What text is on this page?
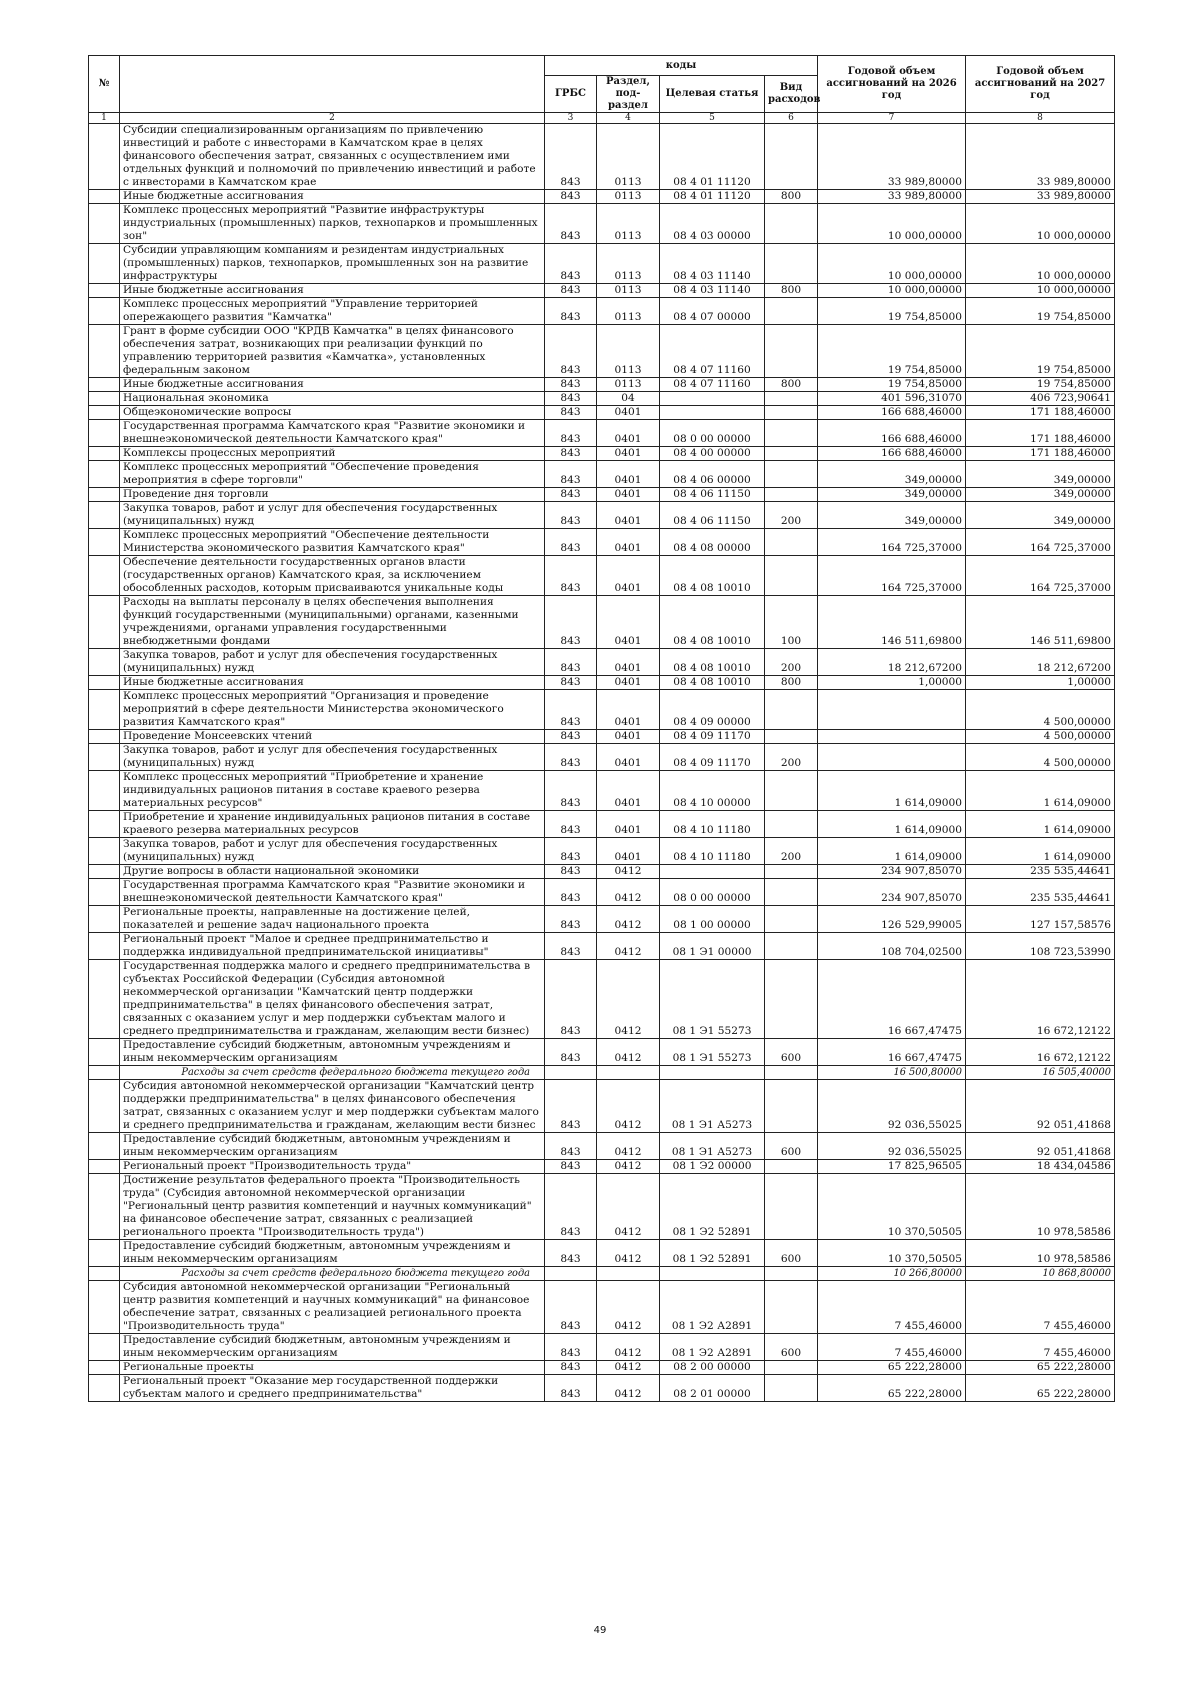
№		коды				Годовой объем ассигнований на 2026 год	Годовой объем ассигнований на 2027 год
		ГРБС	Раздел, под-раздел	Целевая статья	Вид расходов		
1	2	3	4	5	6	7	8
	Субсидии специализированным организациям по привлечению инвестиций и работе с инвесторами в Камчатском крае в целях финансового обеспечения затрат, связанных с осуществлением ими отдельных функций и полномочий по привлечению инвестиций и работе с инвесторами в Камчатском крае	843	0113	08 4 01 11120		33 989,80000	33 989,80000
	Иные бюджетные ассигнования	843	0113	08 4 01 11120	800	33 989,80000	33 989,80000
	Комплекс процессных мероприятий "Развитие инфраструктуры индустриальных (промышленных) парков, технопарков и промышленных зон"	843	0113	08 4 03 00000		10 000,00000	10 000,00000
	Субсидии управляющим компаниям и резидентам индустриальных (промышленных) парков, технопарков, промышленных зон на развитие инфраструктуры	843	0113	08 4 03 11140		10 000,00000	10 000,00000
	Иные бюджетные ассигнования	843	0113	08 4 03 11140	800	10 000,00000	10 000,00000
	Комплекс процессных мероприятий "Управление территорией опережающего развития "Камчатка"	843	0113	08 4 07 00000		19 754,85000	19 754,85000
	Грант в форме субсидии ООО "КРДВ Камчатка" в целях финансового обеспечения затрат, возникающих при реализации функций по управлению территорией развития «Камчатка», установленных федеральным законом	843	0113	08 4 07 11160		19 754,85000	19 754,85000
	Иные бюджетные ассигнования	843	0113	08 4 07 11160	800	19 754,85000	19 754,85000
	Национальная экономика	843	04			401 596,31070	406 723,90641
	Общеэкономические вопросы	843	0401			166 688,46000	171 188,46000
	Государственная программа Камчатского края "Развитие экономики и внешнеэкономической деятельности Камчатского края"	843	0401	08 0 00 00000		166 688,46000	171 188,46000
	Комплексы процессных мероприятий	843	0401	08 4 00 00000		166 688,46000	171 188,46000
	Комплекс процессных мероприятий "Обеспечение проведения мероприятия в сфере торговли"	843	0401	08 4 06 00000		349,00000	349,00000
	Проведение дня торговли	843	0401	08 4 06 11150		349,00000	349,00000
	Закупка товаров, работ и услуг для обеспечения государственных (муниципальных) нужд	843	0401	08 4 06 11150	200	349,00000	349,00000
	Комплекс процессных мероприятий "Обеспечение деятельности Министерства экономического развития Камчатского края"	843	0401	08 4 08 00000		164 725,37000	164 725,37000
	Обеспечение деятельности государственных органов власти (государственных органов) Камчатского края, за исключением обособленных расходов, которым присваиваются уникальные коды	843	0401	08 4 08 10010		164 725,37000	164 725,37000
	Расходы на выплаты персоналу в целях обеспечения выполнения функций государственными (муниципальными) органами, казенными учреждениями, органами управления государственными внебюджетными фондами	843	0401	08 4 08 10010	100	146 511,69800	146 511,69800
	Закупка товаров, работ и услуг для обеспечения государственных (муниципальных) нужд	843	0401	08 4 08 10010	200	18 212,67200	18 212,67200
	Иные бюджетные ассигнования	843	0401	08 4 08 10010	800	1,00000	1,00000
	Комплекс процессных мероприятий "Организация и проведение мероприятий в сфере деятельности Министерства экономического развития Камчатского края"	843	0401	08 4 09 00000			4 500,00000
	Проведение Монсеевских чтений	843	0401	08 4 09 11170			4 500,00000
	Закупка товаров, работ и услуг для обеспечения государственных (муниципальных) нужд	843	0401	08 4 09 11170	200		4 500,00000
	Комплекс процессных мероприятий "Приобретение и хранение индивидуальных рационов питания в составе краевого резерва материальных ресурсов"	843	0401	08 4 10 00000		1 614,09000	1 614,09000
	Приобретение и хранение индивидуальных рационов питания в составе краевого резерва материальных ресурсов	843	0401	08 4 10 11180		1 614,09000	1 614,09000
	Закупка товаров, работ и услуг для обеспечения государственных (муниципальных) нужд	843	0401	08 4 10 11180	200	1 614,09000	1 614,09000
	Другие вопросы в области национальной экономики	843	0412			234 907,85070	235 535,44641
	Государственная программа Камчатского края "Развитие экономики и внешнеэкономической деятельности Камчатского края"	843	0412	08 0 00 00000		234 907,85070	235 535,44641
	Региональные проекты, направленные на достижение целей, показателей и решение задач национального проекта	843	0412	08 1 00 00000		126 529,99005	127 157,58576
	Региональный проект "Малое и среднее предпринимательство и поддержка индивидуальной предпринимательской инициативы"	843	0412	08 1 Э1 00000		108 704,02500	108 723,53990
	Государственная поддержка малого и среднего предпринимательства в субъектах Российской Федерации (Субсидия автономной некоммерческой организации "Камчатский центр поддержки предпринимательства" в целях финансового обеспечения затрат, связанных с оказанием услуг и мер поддержки субъектам малого и среднего предпринимательства и гражданам, желающим вести бизнес)	843	0412	08 1 Э1 55273		16 667,47475	16 672,12122
	Предоставление субсидий бюджетным, автономным учреждениям и иным некоммерческим организациям	843	0412	08 1 Э1 55273	600	16 667,47475	16 672,12122
	Расходы за счет средств федерального бюджета текущего года					16 500,80000	16 505,40000
	Субсидия автономной некоммерческой организации "Камчатский центр поддержки предпринимательства" в целях финансового обеспечения затрат, связанных с оказанием услуг и мер поддержки субъектам малого и среднего предпринимательства и гражданам, желающим вести бизнес	843	0412	08 1 Э1 А5273		92 036,55025	92 051,41868
	Предоставление субсидий бюджетным, автономным учреждениям и иным некоммерческим организациям	843	0412	08 1 Э1 А5273	600	92 036,55025	92 051,41868
	Региональный проект "Производительность труда"	843	0412	08 1 Э2 00000		17 825,96505	18 434,04586
	Достижение результатов федерального проекта "Производительность труда" (Субсидия автономной некоммерческой организации "Региональный центр развития компетенций и научных коммуникаций" на финансовое обеспечение затрат, связанных с реализацией регионального проекта "Производительность труда")	843	0412	08 1 Э2 52891		10 370,50505	10 978,58586
	Предоставление субсидий бюджетным, автономным учреждениям и иным некоммерческим организациям	843	0412	08 1 Э2 52891	600	10 370,50505	10 978,58586
	Расходы за счет средств федерального бюджета текущего года					10 266,80000	10 868,80000
	Субсидия автономной некоммерческой организации "Региональный центр развития компетенций и научных коммуникаций" на финансовое обеспечение затрат, связанных с реализацией регионального проекта "Производительность труда"	843	0412	08 1 Э2 А2891		7 455,46000	7 455,46000
	Предоставление субсидий бюджетным, автономным учреждениям и иным некоммерческим организациям	843	0412	08 1 Э2 А2891	600	7 455,46000	7 455,46000
	Региональные проекты	843	0412	08 2 00 00000		65 222,28000	65 222,28000
	Региональный проект "Оказание мер государственной поддержки субъектам малого и среднего предпринимательства"	843	0412	08 2 01 00000		65 222,28000	65 222,28000
49
